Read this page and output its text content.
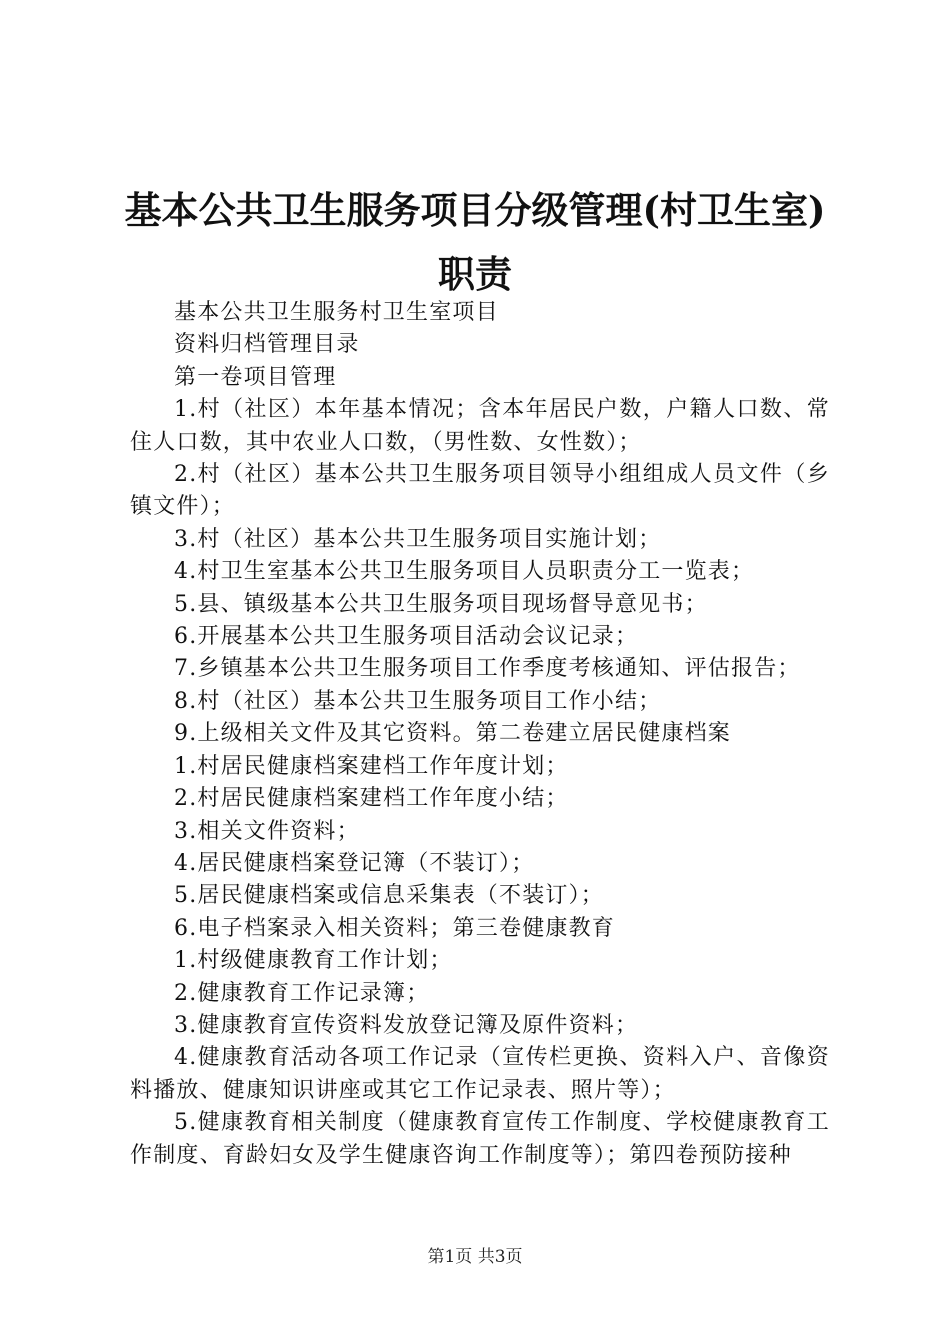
基本公共卫生服务项目分级管理(村卫生室)职责

基本公共卫生服务村卫生室项目

资料归档管理目录

第一卷项目管理

1.村（社区）本年基本情况；含本年居民户数，户籍人口数、常住人口数，其中农业人口数，（男性数、女性数）；

2.村（社区）基本公共卫生服务项目领导小组组成人员文件（乡镇文件）；

3.村（社区）基本公共卫生服务项目实施计划；

4.村卫生室基本公共卫生服务项目人员职责分工一览表；

5.县、镇级基本公共卫生服务项目现场督导意见书；

6.开展基本公共卫生服务项目活动会议记录；

7.乡镇基本公共卫生服务项目工作季度考核通知、评估报告；

8.村（社区）基本公共卫生服务项目工作小结；

9.上级相关文件及其它资料。第二卷建立居民健康档案

1.村居民健康档案建档工作年度计划；

2.村居民健康档案建档工作年度小结；

3.相关文件资料；

4.居民健康档案登记簿（不装订）；

5.居民健康档案或信息采集表（不装订）；

6.电子档案录入相关资料；第三卷健康教育

1.村级健康教育工作计划；

2.健康教育工作记录簿；

3.健康教育宣传资料发放登记簿及原件资料；

4.健康教育活动各项工作记录（宣传栏更换、资料入户、音像资料播放、健康知识讲座或其它工作记录表、照片等）；

5.健康教育相关制度（健康教育宣传工作制度、学校健康教育工作制度、育龄妇女及学生健康咨询工作制度等）；第四卷预防接种

第1页 共3页
